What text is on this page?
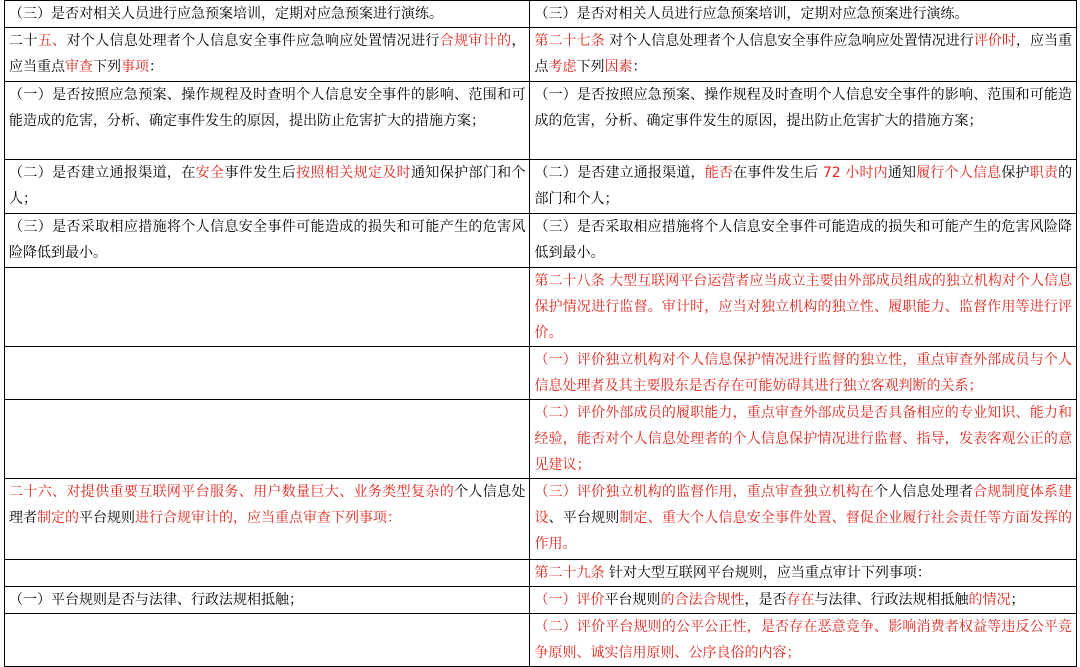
（三）是否对相关人员进行应急预案培训，定期对应急预案进行演练。	（三）是否对相关人员进行应急预案培训，定期对应急预案进行演练。
二十五、对个人信息处理者个人信息安全事件应急响应处置情况进行合规审计的，应当重点审查下列事项：	第二十七条 对个人信息处理者个人信息安全事件应急响应处置情况进行评价时，应当重点考虑下列因素：
（一）是否按照应急预案、操作规程及时查明个人信息安全事件的影响、范围和可能造成的危害，分析、确定事件发生的原因，提出防止危害扩大的措施方案；	（一）是否按照应急预案、操作规程及时查明个人信息安全事件的影响、范围和可能造成的危害，分析、确定事件发生的原因，提出防止危害扩大的措施方案；
（二）是否建立通报渠道，在安全事件发生后按照相关规定及时通知保护部门和个人；	（二）是否建立通报渠道，能否在事件发生后 72 小时内通知履行个人信息保护职责的部门和个人；
（三）是否采取相应措施将个人信息安全事件可能造成的损失和可能产生的危害风险降低到最小。	（三）是否采取相应措施将个人信息安全事件可能造成的损失和可能产生的危害风险降低到最小。
	第二十八条 大型互联网平台运营者应当成立主要由外部成员组成的独立机构对个人信息保护情况进行监督。审计时，应当对独立机构的独立性、履职能力、监督作用等进行评价。
	（一）评价独立机构对个人信息保护情况进行监督的独立性，重点审查外部成员与个人信息处理者及其主要股东是否存在可能妨碍其进行独立客观判断的关系；
	（二）评价外部成员的履职能力，重点审查外部成员是否具备相应的专业知识、能力和经验，能否对个人信息处理者的个人信息保护情况进行监督、指导，发表客观公正的意见建议；
二十六、对提供重要互联网平台服务、用户数量巨大、业务类型复杂的个人信息处理者制定的平台规则进行合规审计的，应当重点审查下列事项：	（三）评价独立机构的监督作用，重点审查独立机构在个人信息处理者合规制度体系建设、平台规则制定、重大个人信息安全事件处置、督促企业履行社会责任等方面发挥的作用。
	第二十九条 针对大型互联网平台规则，应当重点审计下列事项：
（一）平台规则是否与法律、行政法规相抵触；	（一）评价平台规则的合法合规性，是否存在与法律、行政法规相抵触的情况；
	（二）评价平台规则的公平公正性，是否存在恶意竞争、影响消费者权益等违反公平竞争原则、诚实信用原则、公序良俗的内容；
